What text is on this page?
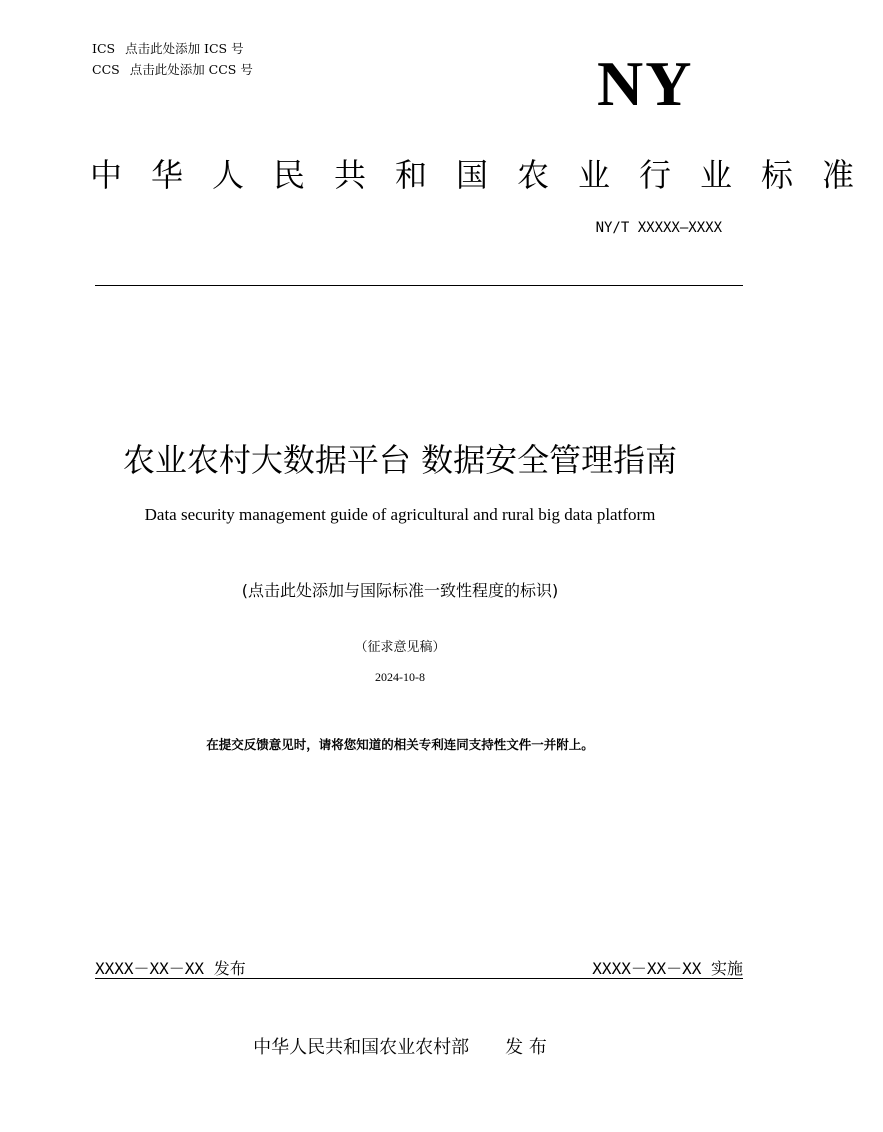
ICS 点击此处添加 ICS 号
CCS 点击此处添加 CCS 号	NY
中华人民共和国农业行业标准
NY/T XXXXX—XXXX
农业农村大数据平台 数据安全管理指南
Data security management guide of agricultural and rural big data platform
(点击此处添加与国际标准一致性程度的标识)
（征求意见稿）
2024-10-8
在提交反馈意见时，请将您知道的相关专利连同支持性文件一并附上。
XXXX－XX－XX 发布	XXXX－XX－XX 实施
中华人民共和国农业农村部 发 布
